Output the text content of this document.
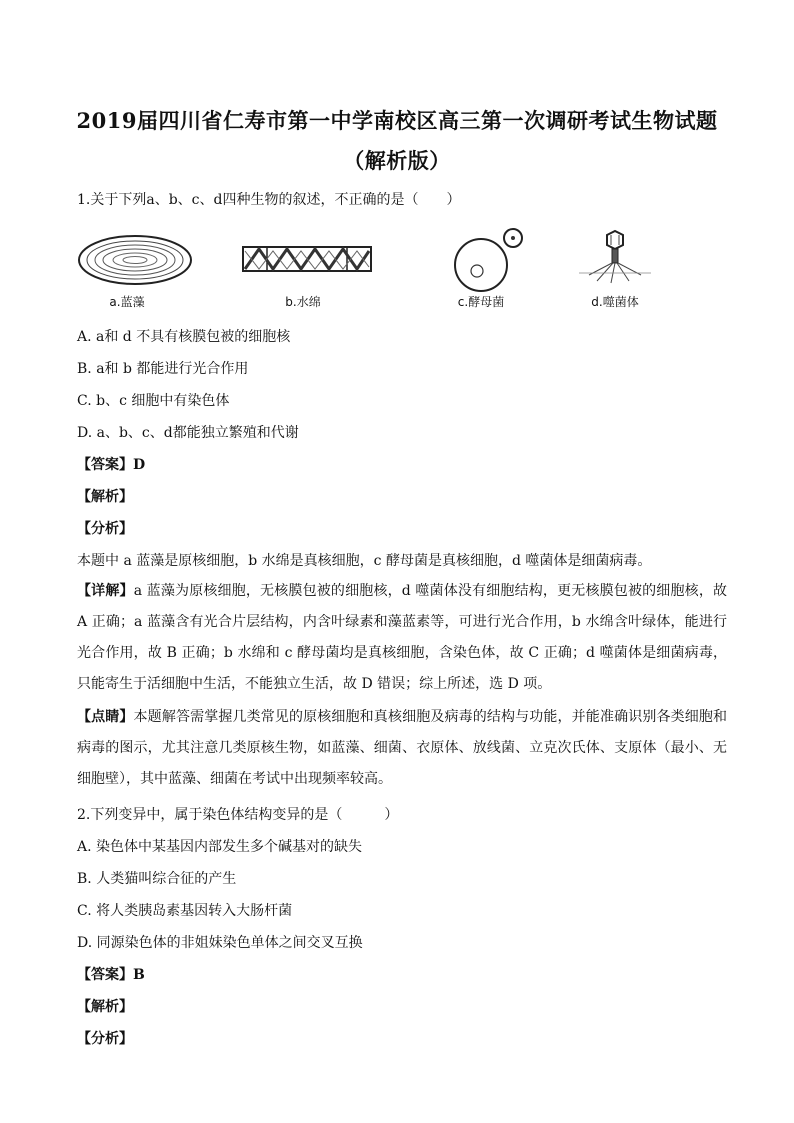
2019届四川省仁寿市第一中学南校区高三第一次调研考试生物试题
（解析版）
1.关于下列a、b、c、d四种生物的叙述，不正确的是（　　）
a.蓝藻	b.水绵	c.酵母菌	d.噬菌体
A. a和 d 不具有核膜包被的细胞核
B. a和 b 都能进行光合作用
C. b、c 细胞中有染色体
D. a、b、c、d都能独立繁殖和代谢
【答案】D
【解析】
【分析】
本题中 a 蓝藻是原核细胞，b 水绵是真核细胞，c 酵母菌是真核细胞，d 噬菌体是细菌病毒。
【详解】a 蓝藻为原核细胞，无核膜包被的细胞核，d 噬菌体没有细胞结构，更无核膜包被的细胞核，故 A 正确；a 蓝藻含有光合片层结构，内含叶绿素和藻蓝素等，可进行光合作用，b 水绵含叶绿体，能进行光合作用，故 B 正确；b 水绵和 c 酵母菌均是真核细胞，含染色体，故 C 正确；d 噬菌体是细菌病毒，只能寄生于活细胞中生活，不能独立生活，故 D 错误；综上所述，选 D 项。
【点睛】本题解答需掌握几类常见的原核细胞和真核细胞及病毒的结构与功能，并能准确识别各类细胞和病毒的图示，尤其注意几类原核生物，如蓝藻、细菌、衣原体、放线菌、立克次氏体、支原体（最小、无细胞壁），其中蓝藻、细菌在考试中出现频率较高。
2.下列变异中，属于染色体结构变异的是（　　　）
A. 染色体中某基因内部发生多个碱基对的缺失
B. 人类猫叫综合征的产生
C. 将人类胰岛素基因转入大肠杆菌
D. 同源染色体的非姐妹染色单体之间交叉互换
【答案】B
【解析】
【分析】
